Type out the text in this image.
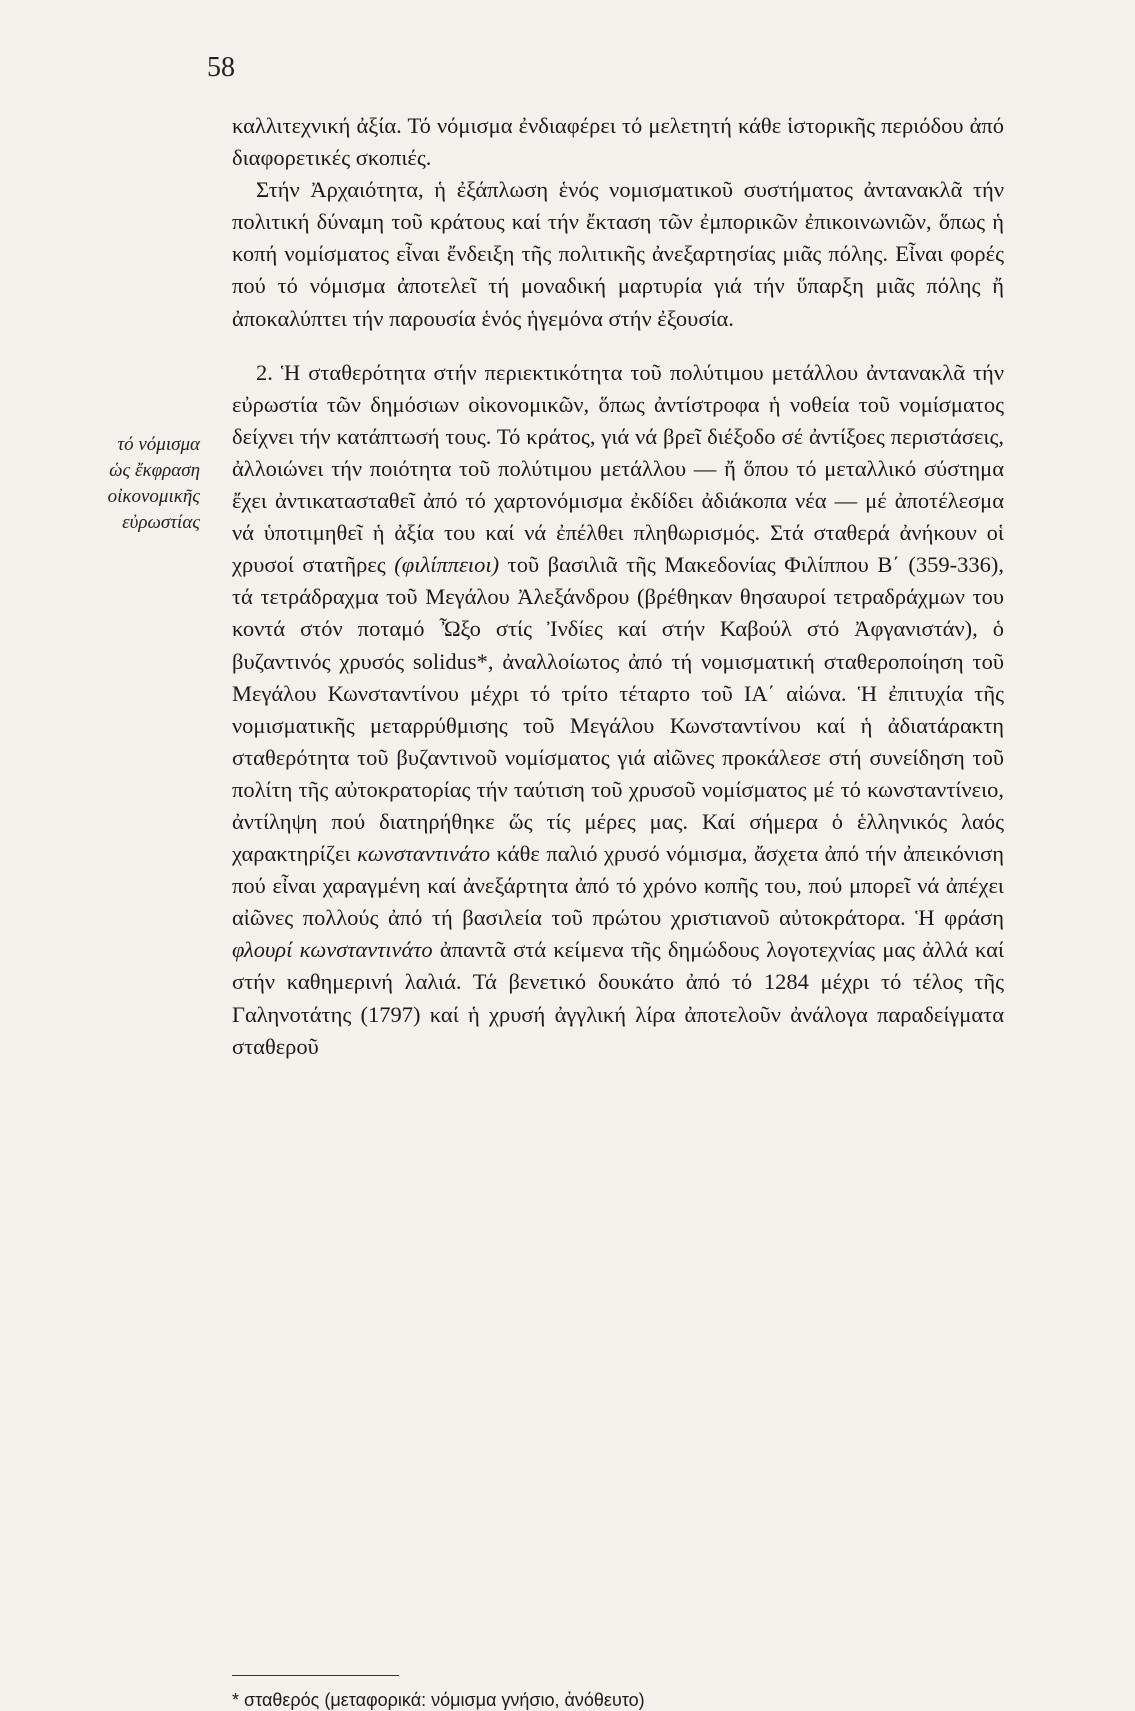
58
τό νόμισμα
ὡς ἔκφραση
οἰκονομικῆς
εὐρωστίας

καλλιτεχνική ἀξία. Τό νόμισμα ἐνδιαφέρει τό μελετητή κάθε ἱστορικῆς περιόδου ἀπό διαφορετικές σκοπιές.

Στήν Ἀρχαιότητα, ἡ ἐξάπλωση ἑνός νομισματικοῦ συστήματος ἀντανακλᾶ τήν πολιτική δύναμη τοῦ κράτους καί τήν ἔκταση τῶν ἐμπορικῶν ἐπικοινωνιῶν, ὅπως ἡ κοπή νομίσματος εἶναι ἔνδειξη τῆς πολιτικῆς ἀνεξαρτησίας μιᾶς πόλης. Εἶναι φορές πού τό νόμισμα ἀποτελεῖ τή μοναδική μαρτυρία γιά τήν ὕπαρξη μιᾶς πόλης ἤ ἀποκαλύπτει τήν παρουσία ἑνός ἡγεμόνα στήν ἐξουσία.

2. Ἡ σταθερότητα στήν περιεκτικότητα τοῦ πολύτιμου μετάλλου ἀντανακλᾶ τήν εὐρωστία τῶν δημόσιων οἰκονομικῶν, ὅπως ἀντίστροφα ἡ νοθεία τοῦ νομίσματος δείχνει τήν κατάπτωσή τους. Τό κράτος, γιά νά βρεῖ διέξοδο σέ ἀντίξοες περιστάσεις, ἀλλοιώνει τήν ποιότητα τοῦ πολύτιμου μετάλλου — ἤ ὅπου τό μεταλλικό σύστημα ἔχει ἀντικατασταθεῖ ἀπό τό χαρτονόμισμα ἐκδίδει ἀδιάκοπα νέα — μέ ἀποτέλεσμα νά ὑποτιμηθεῖ ἡ ἀξία του καί νά ἐπέλθει πληθωρισμός. Στά σταθερά ἀνήκουν οἱ χρυσοί στατῆρες (φιλίππειοι) τοῦ βασιλιᾶ τῆς Μακεδονίας Φιλίππου Β΄ (359-336), τά τετράδραχμα τοῦ Μεγάλου Ἀλεξάνδρου (βρέθηκαν θησαυροί τετραδράχμων του κοντά στόν ποταμό Ὦξο στίς Ἰνδίες καί στήν Καβούλ στό Ἀφγανιστάν), ὁ βυζαντινός χρυσός solidus*, ἀναλλοίωτος ἀπό τή νομισματική σταθεροποίηση τοῦ Μεγάλου Κωνσταντίνου μέχρι τό τρίτο τέταρτο τοῦ ΙΑ΄ αἰώνα. Ἡ ἐπιτυχία τῆς νομισματικῆς μεταρρύθμισης τοῦ Μεγάλου Κωνσταντίνου καί ἡ ἀδιατάρακτη σταθερότητα τοῦ βυζαντινοῦ νομίσματος γιά αἰῶνες προκάλεσε στή συνείδηση τοῦ πολίτη τῆς αὐτοκρατορίας τήν ταύτιση τοῦ χρυσοῦ νομίσματος μέ τό κωνσταντίνειο, ἀντίληψη πού διατηρήθηκε ὥς τίς μέρες μας. Καί σήμερα ὁ ἑλληνικός λαός χαρακτηρίζει κωνσταντινάτο κάθε παλιό χρυσό νόμισμα, ἄσχετα ἀπό τήν ἀπεικόνιση πού εἶναι χαραγμένη καί ἀνεξάρτητα ἀπό τό χρόνο κοπῆς του, πού μπορεῖ νά ἀπέχει αἰῶνες πολλούς ἀπό τή βασιλεία τοῦ πρώτου χριστιανοῦ αὐτοκράτορα. Ἡ φράση φλουρί κωνσταντινάτο ἀπαντᾶ στά κείμενα τῆς δημώδους λογοτεχνίας μας ἀλλά καί στήν καθημερινή λαλιά. Τά βενετικό δουκάτο ἀπό τό 1284 μέχρι τό τέλος τῆς Γαληνοτάτης (1797) καί ἡ χρυσή ἀγγλική λίρα ἀποτελοῦν ἀνάλογα παραδείγματα σταθεροῦ

* σταθερός (μεταφορικά: νόμισμα γνήσιο, ἀνόθευτο)
